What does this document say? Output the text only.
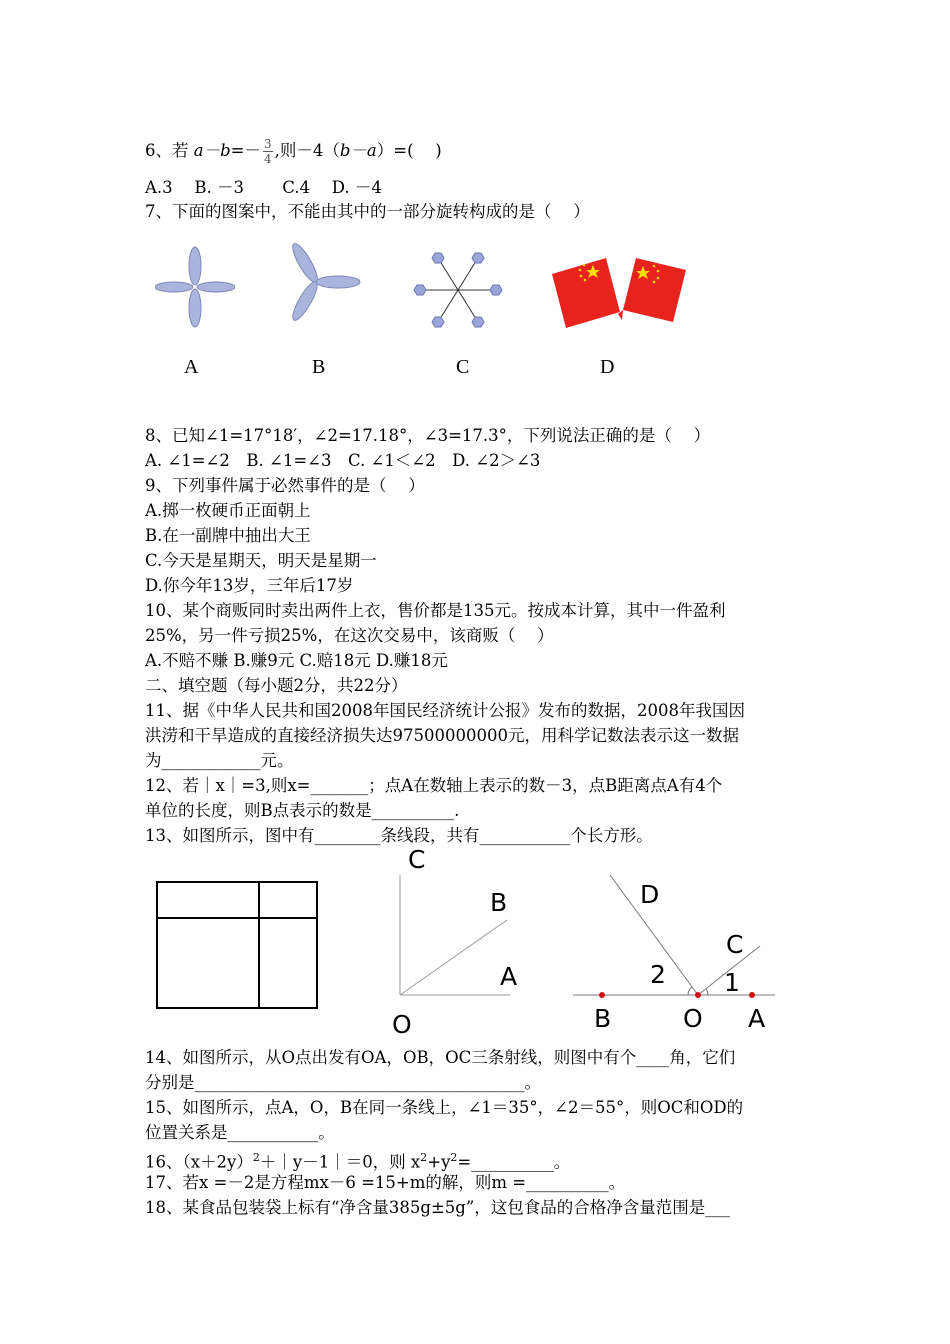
6、若 $a-b=- \frac{3}{4}$ ,则－4（b－a）=(　 )
A.3　 B. －3　　 C.4　 D. －4
7、下面的图案中，不能由其中的一部分旋转构成的是（　 ）
A	B	C	D
8、已知∠1=17°18′，∠2=17.18°，∠3=17.3°，下列说法正确的是（　 ）
A. ∠1=∠2　B. ∠1=∠3　C. ∠1＜∠2　D. ∠2＞∠3
9、下列事件属于必然事件的是（　 ）
A.掷一枚硬币正面朝上
B.在一副牌中抽出大王
C.今天是星期天，明天是星期一
D.你今年13岁，三年后17岁
10、某个商贩同时卖出两件上衣，售价都是135元。按成本计算，其中一件盈利
25%，另一件亏损25%，在这次交易中，该商贩（　 ）
A.不赔不赚 B.赚9元 C.赔18元 D.赚18元
二、填空题（每小题2分，共22分）
11、据《中华人民共和国2008年国民经济统计公报》发布的数据，2008年我国因
洪涝和干旱造成的直接经济损失达97500000000元，用科学记数法表示这一数据
为____________元。
12、若｜x｜=3,则x=_______；点A在数轴上表示的数－3，点B距离点A有4个
单位的长度，则B点表示的数是__________.
13、如图所示，图中有________条线段，共有___________个长方形。
C
B
A
O
D
C
2 1
B	O A
14、如图所示，从O点出发有OA，OB，OC三条射线，则图中有个____角，它们
分别是________________________________________。
15、如图所示，点A，O，B在同一条线上，∠1＝35°，∠2＝55°，则OC和OD的
位置关系是___________。
16、$(x+2y)^2+|y-1|=0$，则 $x^2+y^2=\_\_\_\_\_\_\_\_\_\_$。
17、若x =－2是方程mx－6 =15+m的解，则m =__________。
18、某食品包装袋上标有“净含量385g±5g”，这包食品的合格净含量范围是___
